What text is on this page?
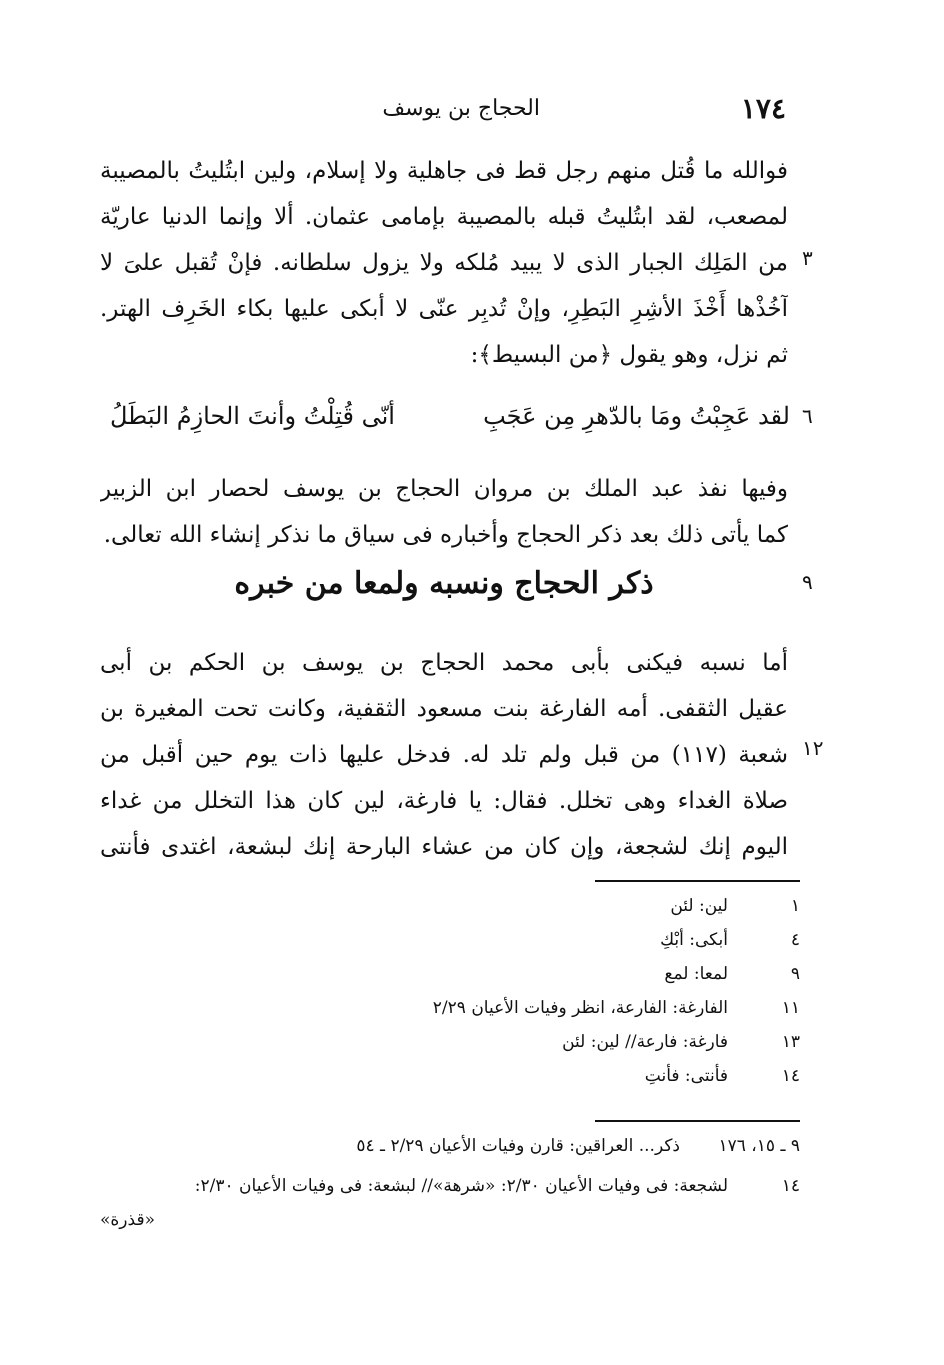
١٧٤
الحجاج بن يوسف
فوالله ما قُتل منهم رجل قط فى جاهلية ولا إسلام، ولين ابتُليتُ بالمصيبة
لمصعب، لقد ابتُليتُ قبله بالمصيبة بإمامى عثمان. ألا وإنما الدنيا عاريّة
من المَلِك الجبار الذى لا يبيد مُلكه ولا يزول سلطانه. فإنْ تُقبل علىَ لا
آخُذْها أَخْذَ الأشِرِ البَطِرِ، وإنْ تُدبِر عنّى لا أبكى عليها بكاء الخَرِف الهتر.
ثم نزل، وهو يقول ﴿من البسيط﴾:
٣
٦
لقد عَجِبْتُ ومَا بالدّهرِ مِن عَجَبِ
أنّى قُتِلْتُ وأنتَ الحازِمُ البَطَلُ
وفيها نفذ عبد الملك بن مروان الحجاج بن يوسف لحصار ابن الزبير
كما يأتى ذلك بعد ذكر الحجاج وأخباره فى سياق ما نذكر إنشاء الله تعالى.
٩
ذكر الحجاج ونسبه ولمعا من خبره
أما نسبه فيكنى بأبى محمد الحجاج بن يوسف بن الحكم بن أبى
عقيل الثقفى. أمه الفارغة بنت مسعود الثقفية، وكانت تحت المغيرة بن
شعبة (١١٧) من قبل ولم تلد له. فدخل عليها ذات يوم حين أقبل من
صلاة الغداء وهى تخلل. فقال: يا فارغة، لين كان هذا التخلل من غداء
اليوم إنك لشجعة، وإن كان من عشاء البارحة إنك لبشعة، اغتدى فأنتى
١٢
١
لين: لئن
٤
أبكى: أبْكِ
٩
لمعا: لمع
١١
الفارغة: الفارعة، انظر وفيات الأعيان ٢/٢٩
١٣
فارغة: فارعة// لين: لئن
١٤
فأنتى: فأنتِ
٩ ـ ١٥، ١٧٦
ذكر... العراقين: قارن وفيات الأعيان ٢/٢٩ ـ ٥٤
١٤
لشجعة: فى وفيات الأعيان ٢/٣٠: «شرهة»// لبشعة: فى وفيات الأعيان ٢/٣٠:
«قذرة»
